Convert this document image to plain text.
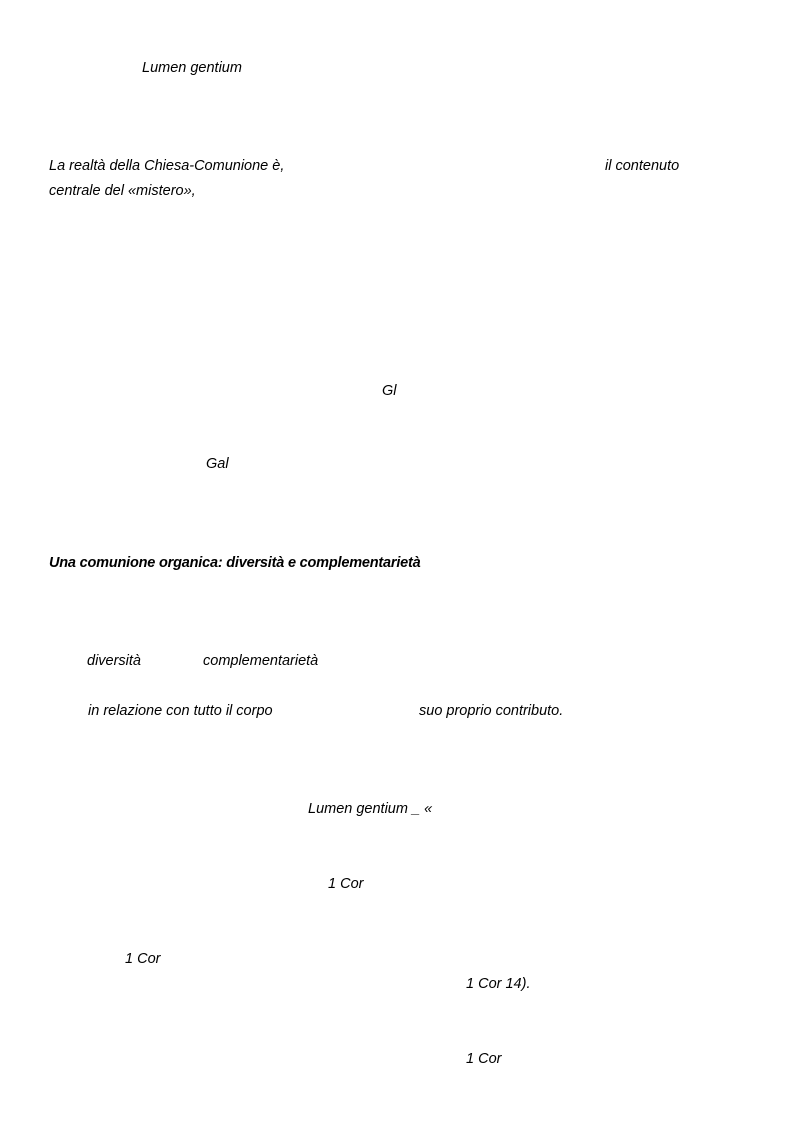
Lumen gentium
La realtà della Chiesa-Comunione è,	il contenuto
centrale del «mistero»,
Gl
Gal
Una comunione organica: diversità e complementarietà
diversità	complementarietà
in relazione con tutto il corpo	suo proprio contributo.
Lumen gentium _ «
1 Cor
1 Cor
1 Cor 14).
1 Cor
